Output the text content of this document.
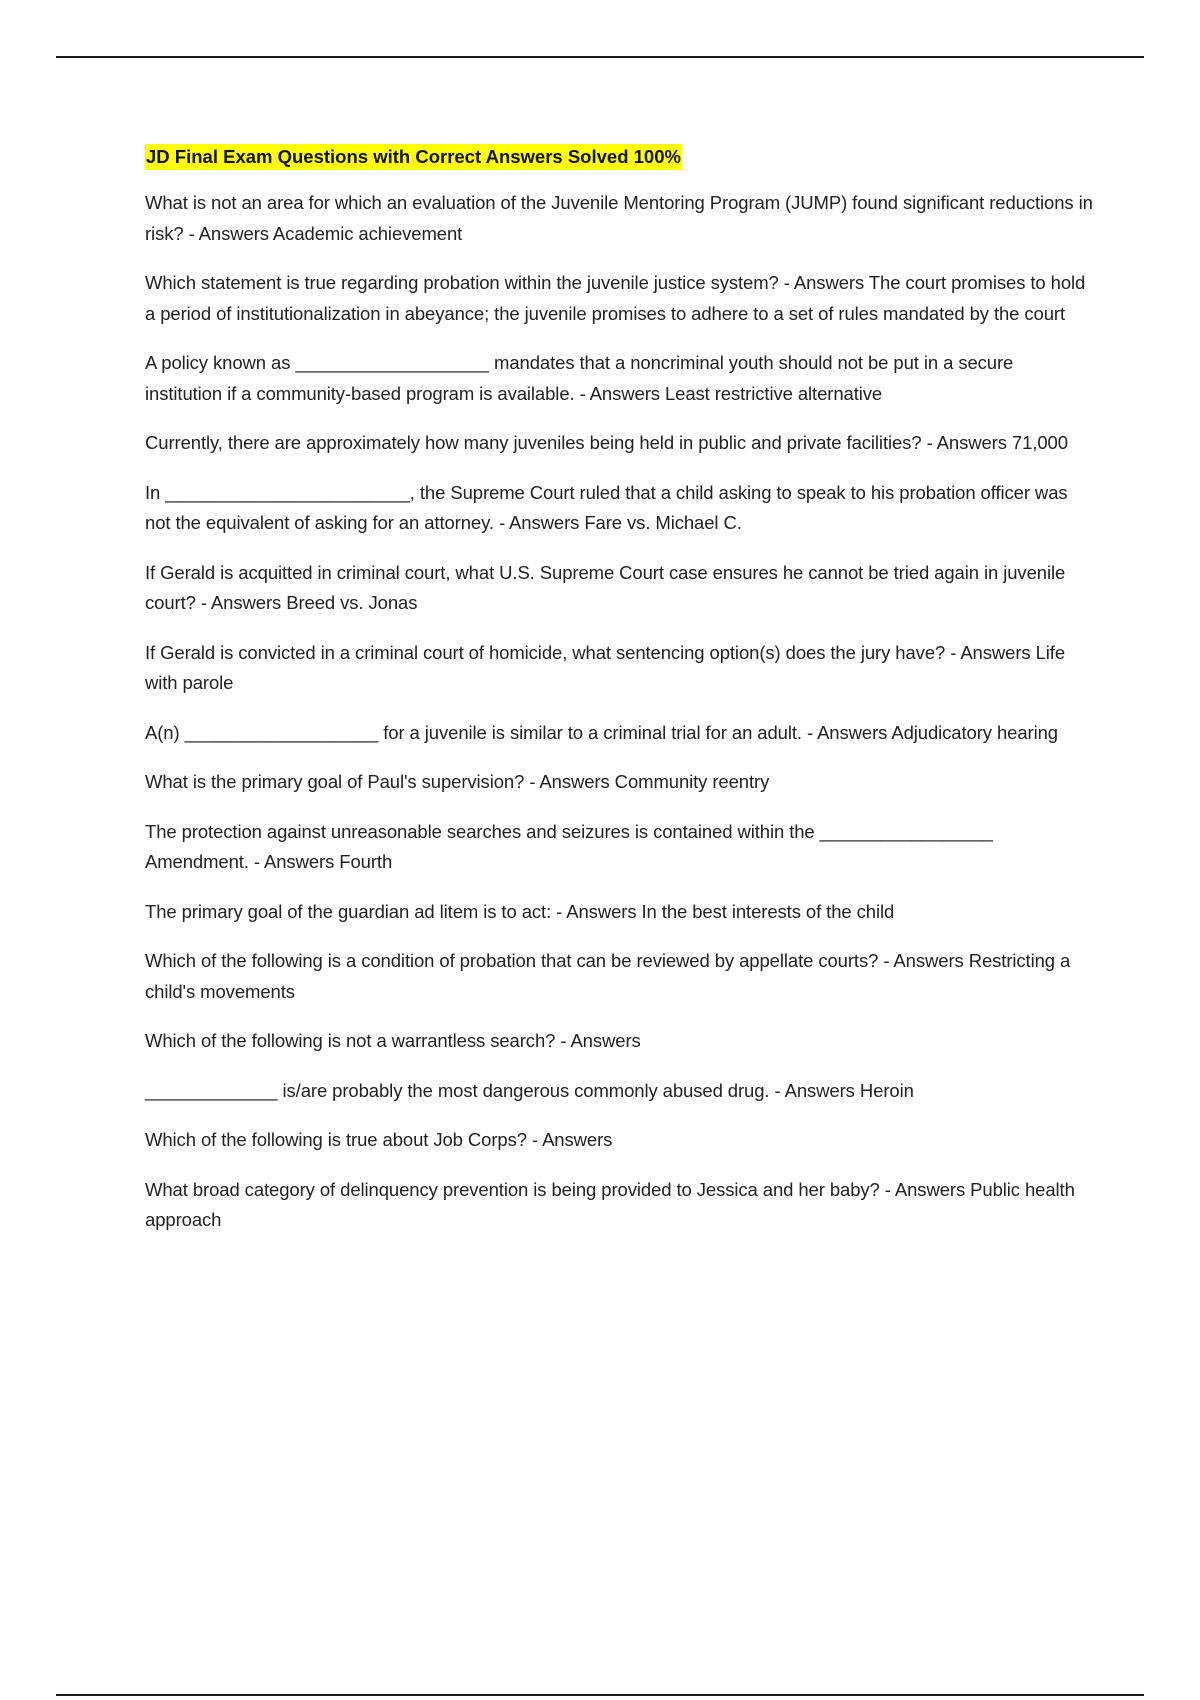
JD Final Exam Questions with Correct Answers Solved 100%

What is not an area for which an evaluation of the Juvenile Mentoring Program (JUMP) found significant reductions in risk? - Answers Academic achievement

Which statement is true regarding probation within the juvenile justice system? - Answers The court promises to hold a period of institutionalization in abeyance; the juvenile promises to adhere to a set of rules mandated by the court

A policy known as ___________________ mandates that a noncriminal youth should not be put in a secure institution if a community-based program is available. - Answers Least restrictive alternative

Currently, there are approximately how many juveniles being held in public and private facilities? - Answers 71,000

In ________________________, the Supreme Court ruled that a child asking to speak to his probation officer was not the equivalent of asking for an attorney. - Answers Fare vs. Michael C.

If Gerald is acquitted in criminal court, what U.S. Supreme Court case ensures he cannot be tried again in juvenile court? - Answers Breed vs. Jonas

If Gerald is convicted in a criminal court of homicide, what sentencing option(s) does the jury have? - Answers Life with parole

A(n) ___________________ for a juvenile is similar to a criminal trial for an adult. - Answers Adjudicatory hearing

What is the primary goal of Paul's supervision? - Answers Community reentry

The protection against unreasonable searches and seizures is contained within the _________________ Amendment. - Answers Fourth

The primary goal of the guardian ad litem is to act: - Answers In the best interests of the child

Which of the following is a condition of probation that can be reviewed by appellate courts? - Answers Restricting a child's movements

Which of the following is not a warrantless search? - Answers

_____________ is/are probably the most dangerous commonly abused drug. - Answers Heroin

Which of the following is true about Job Corps? - Answers

What broad category of delinquency prevention is being provided to Jessica and her baby? - Answers Public health approach
